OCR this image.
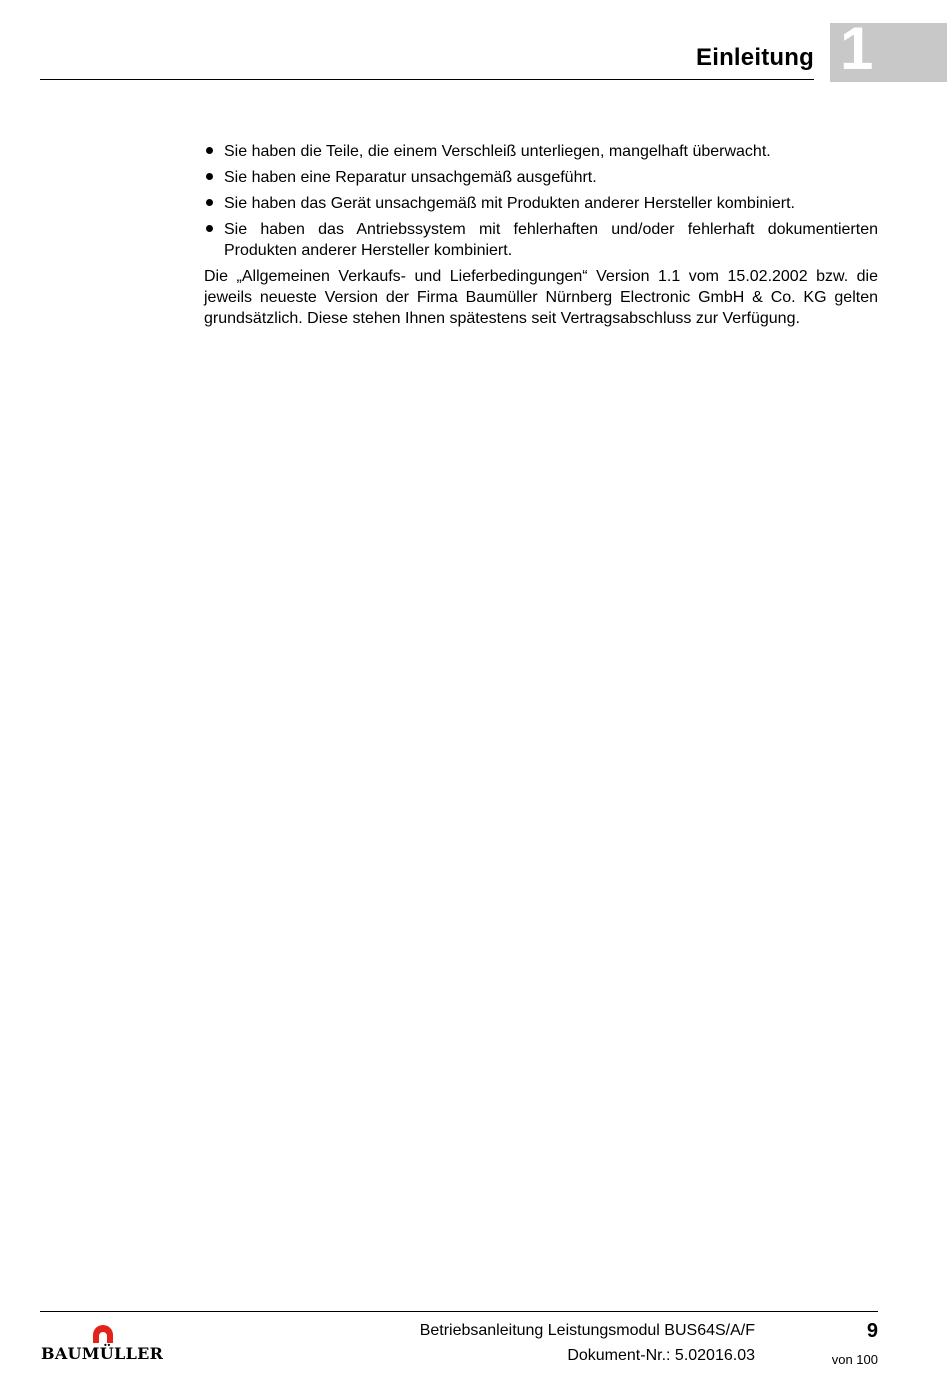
Einleitung 1
Sie haben die Teile, die einem Verschleiß unterliegen, mangelhaft überwacht.
Sie haben eine Reparatur unsachgemäß ausgeführt.
Sie haben das Gerät unsachgemäß mit Produkten anderer Hersteller kombiniert.
Sie haben das Antriebssystem mit fehlerhaften und/oder fehlerhaft dokumentierten Produkten anderer Hersteller kombiniert.

Die „Allgemeinen Verkaufs- und Lieferbedingungen“ Version 1.1 vom 15.02.2002 bzw. die jeweils neueste Version der Firma Baumüller Nürnberg Electronic GmbH & Co. KG gelten grundsätzlich. Diese stehen Ihnen spätestens seit Vertragsabschluss zur Verfügung.

BAUMÜLLER
Betriebsanleitung Leistungsmodul BUS64S/A/F
Dokument-Nr.: 5.02016.03
9
von 100
